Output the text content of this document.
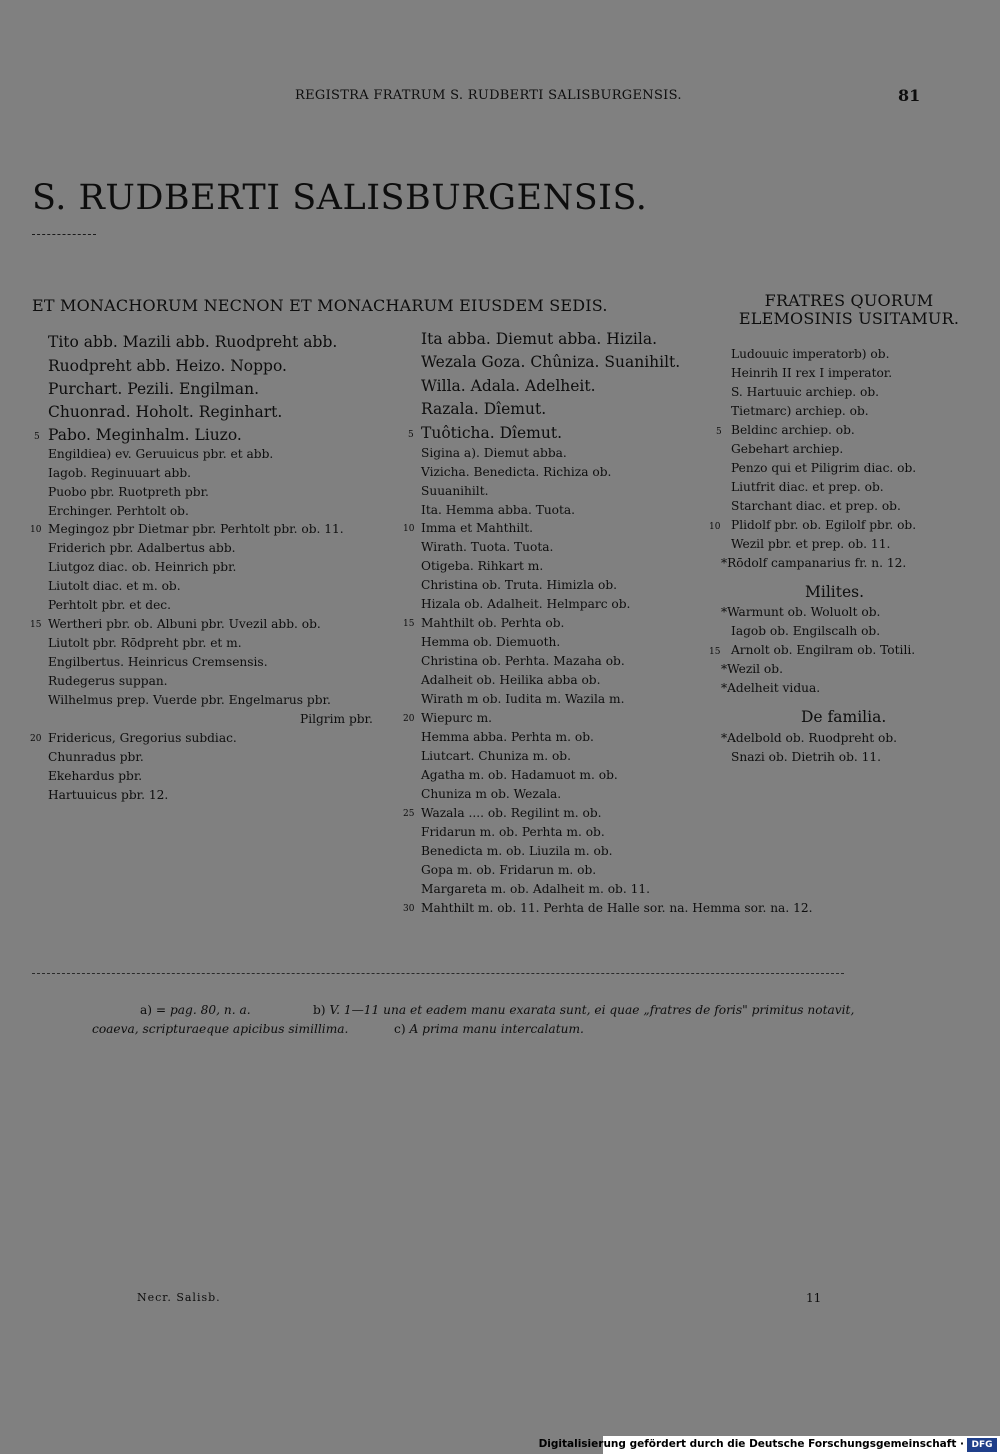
REGISTRA FRATRUM S. RUDBERTI SALISBURGENSIS.	81
S. RUDBERTI SALISBURGENSIS.
ET MONACHORUM NECNON ET MONACHARUM EIUSDEM SEDIS.	FRATRES QUORUM ELEMOSINIS USITAMUR.
Tito abb. Mazili abb. Ruodpreht abb.
Ruodpreht abb. Heizo. Noppo.
Purchart. Pezili. Engilman.
Chuonrad. Hoholt. Reginhart.
Pabo. Meginhalm. Liuzo.
Engildiea) ev. Geruuicus pbr. et abb.
Iagob. Reginuuart abb.
Puobo pbr. Ruotpreth pbr.
Erchinger. Perhtolt ob.
Megingoz pbr Dietmar pbr. Perhtolt pbr. ob. 11.
Friderich pbr. Adalbertus abb.
Liutgoz diac. ob. Heinrich pbr.
Liutolt diac. et m. ob.
Perhtolt pbr. et dec.
Wertheri pbr. ob. Albuni pbr. Uvezil abb. ob.
Liutolt pbr. Rōdpreht pbr. et m.
Engilbertus. Heinricus Cremsensis.
Rudegerus suppan.
Wilhelmus prep. Vuerde pbr. Engelmarus pbr.
Pilgrim pbr.
Fridericus, Gregorius subdiac.
Chunradus pbr.
Ekehardus pbr.
Hartuuicus pbr. 12.
5
10
15
20
Ita abba. Diemut abba. Hizila.
Wezala Goza. Chûniza. Suanihilt.
Willa. Adala. Adelheit.
Razala. Dîemut.
Tuôticha. Dîemut.
Sigina a). Diemut abba.
Vizicha. Benedicta. Richiza ob.
Suuanihilt.
Ita. Hemma abba. Tuota.
Imma et Mahthilt.
Wirath. Tuota. Tuota.
Otigeba. Rihkart m.
Christina ob. Truta. Himizla ob.
Hizala ob. Adalheit. Helmparc ob.
Mahthilt ob. Perhta ob.
Hemma ob. Diemuoth.
Christina ob. Perhta. Mazaha ob.
Adalheit ob. Heilika abba ob.
Wirath m ob. Iudita m. Wazila m.
Wiepurc m.
Hemma abba. Perhta m. ob.
Liutcart. Chuniza m. ob.
Agatha m. ob. Hadamuot m. ob.
Chuniza m ob. Wezala.
Wazala .... ob. Regilint m. ob.
Fridarun m. ob. Perhta m. ob.
Benedicta m. ob. Liuzila m. ob.
Gopa m. ob. Fridarun m. ob.
Margareta m. ob. Adalheit m. ob. 11.
Mahthilt m. ob. 11. Perhta de Halle sor. na. Hemma sor. na. 12.
5
10
15
20
25
30
Ludouuic imperatorb) ob.
Heinrih II rex I imperator.
S. Hartuuic archiep. ob.
Tietmarc) archiep. ob.
Beldinc archiep. ob.
Gebehart archiep.
Penzo qui et Piligrim diac. ob.
Liutfrit diac. et prep. ob.
Starchant diac. et prep. ob.
Plidolf pbr. ob. Egilolf pbr. ob.
Wezil pbr. et prep. ob. 11.
*Rōdolf campanarius fr. n. 12.
Milites.
*Warmunt ob. Woluolt ob.
Iagob ob. Engilscalh ob.
Arnolt ob. Engilram ob. Totili.
*Wezil ob.
*Adelheit vidua.
De familia.
*Adelbold ob. Ruodpreht ob.
Snazi ob. Dietrih ob. 11.
5
10
15
a) = pag. 80, n. a.	b) V. 1—11 una et eadem manu exarata sunt, ei quae „fratres de foris" primitus notavit,
coaeva, scripturaeque apicibus simillima.	c) A prima manu intercalatum.
Necr. Salisb.	11
Digitalisierung gefördert durch die Deutsche Forschungsgemeinschaft · DFG
